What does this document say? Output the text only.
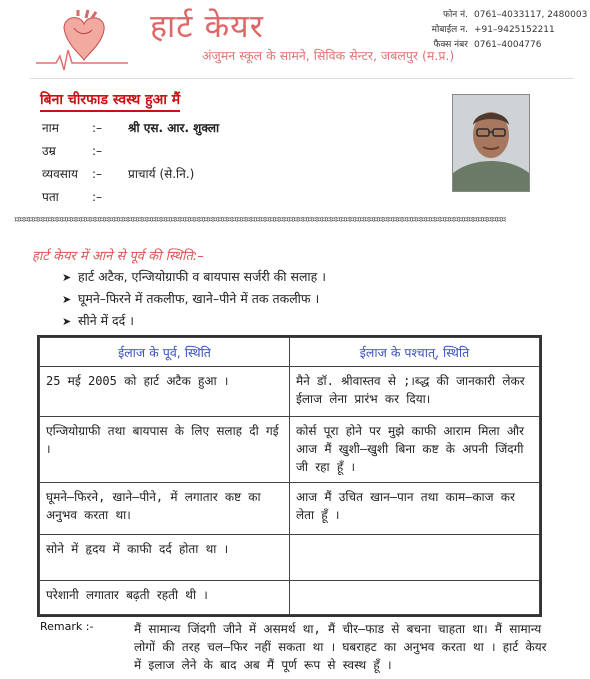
हार्ट केयर
अंजुमन स्कूल के सामने, सिविक सेन्टर, जबलपुर (म.प्र.)
फोन नं. 0761–4033117, 2480003
मोबाईल न. +91–9425152211
फैक्स नंबर 0761–4004776
बिना चीरफाड स्वस्थ हुआ मैं
नाम	:– श्री एस. आर. शुक्ला
उम्र	:–
व्यवसाय :– प्राचार्य (से.नि.)
पता	:–
¤¤¤¤¤¤¤¤¤¤¤¤¤¤¤¤¤¤¤¤¤¤¤¤¤¤¤¤¤¤¤¤¤¤¤¤¤¤¤¤¤¤¤¤¤¤¤¤¤¤¤¤¤¤¤¤¤¤¤¤¤¤¤¤¤¤¤¤¤¤¤¤¤¤¤¤¤¤¤¤¤¤¤¤¤¤¤¤¤¤¤¤¤¤¤¤¤¤¤¤¤¤¤¤
हार्ट केयर में आने से पूर्व की स्थिति:–
➤ हार्ट अटैक, एन्जियोग्राफी व बायपास सर्जरी की सलाह ।
➤ घूमने–फिरने में तकलीफ, खाने–पीने में तक तकलीफ ।
➤ सीने में दर्द ।
ईलाज के पूर्व, स्थिति	ईलाज के पश्चात्, स्थिति
25 मई 2005 को हार्ट अटैक हुआ ।	मैने डॉ. श्रीवास्तव से ;।ब्द्ध की जानकारी लेकर ईलाज लेना प्रारंभ कर दिया।
एन्जियोग्राफी तथा बायपास के लिए सलाह दी गई ।	कोर्स पूरा होने पर मुझे काफी आराम मिला और आज मैं खुशी–खुशी बिना कष्ट के अपनी जिंदगी जी रहा हूँ ।
घूमने–फिरने, खाने–पीने, में लगातार कष्ट का अनुभव करता था।	आज मैं उचित खान–पान तथा काम–काज कर लेता हूँ ।
सोने में हृदय में काफी दर्द होता था ।	
परेशानी लगातार बढ़ती रहती थी ।	
Remark :-	मैं सामान्य जिंदगी जीने में असमर्थ था, मैं चीर–फाड से बचना चाहता था। मैं सामान्य लोगों की तरह चल–फिर नहीं सकता था । घबराहट का अनुभव करता था । हार्ट केयर में इलाज लेने के बाद अब मैं पूर्ण रूप से स्वस्थ हूँ ।
